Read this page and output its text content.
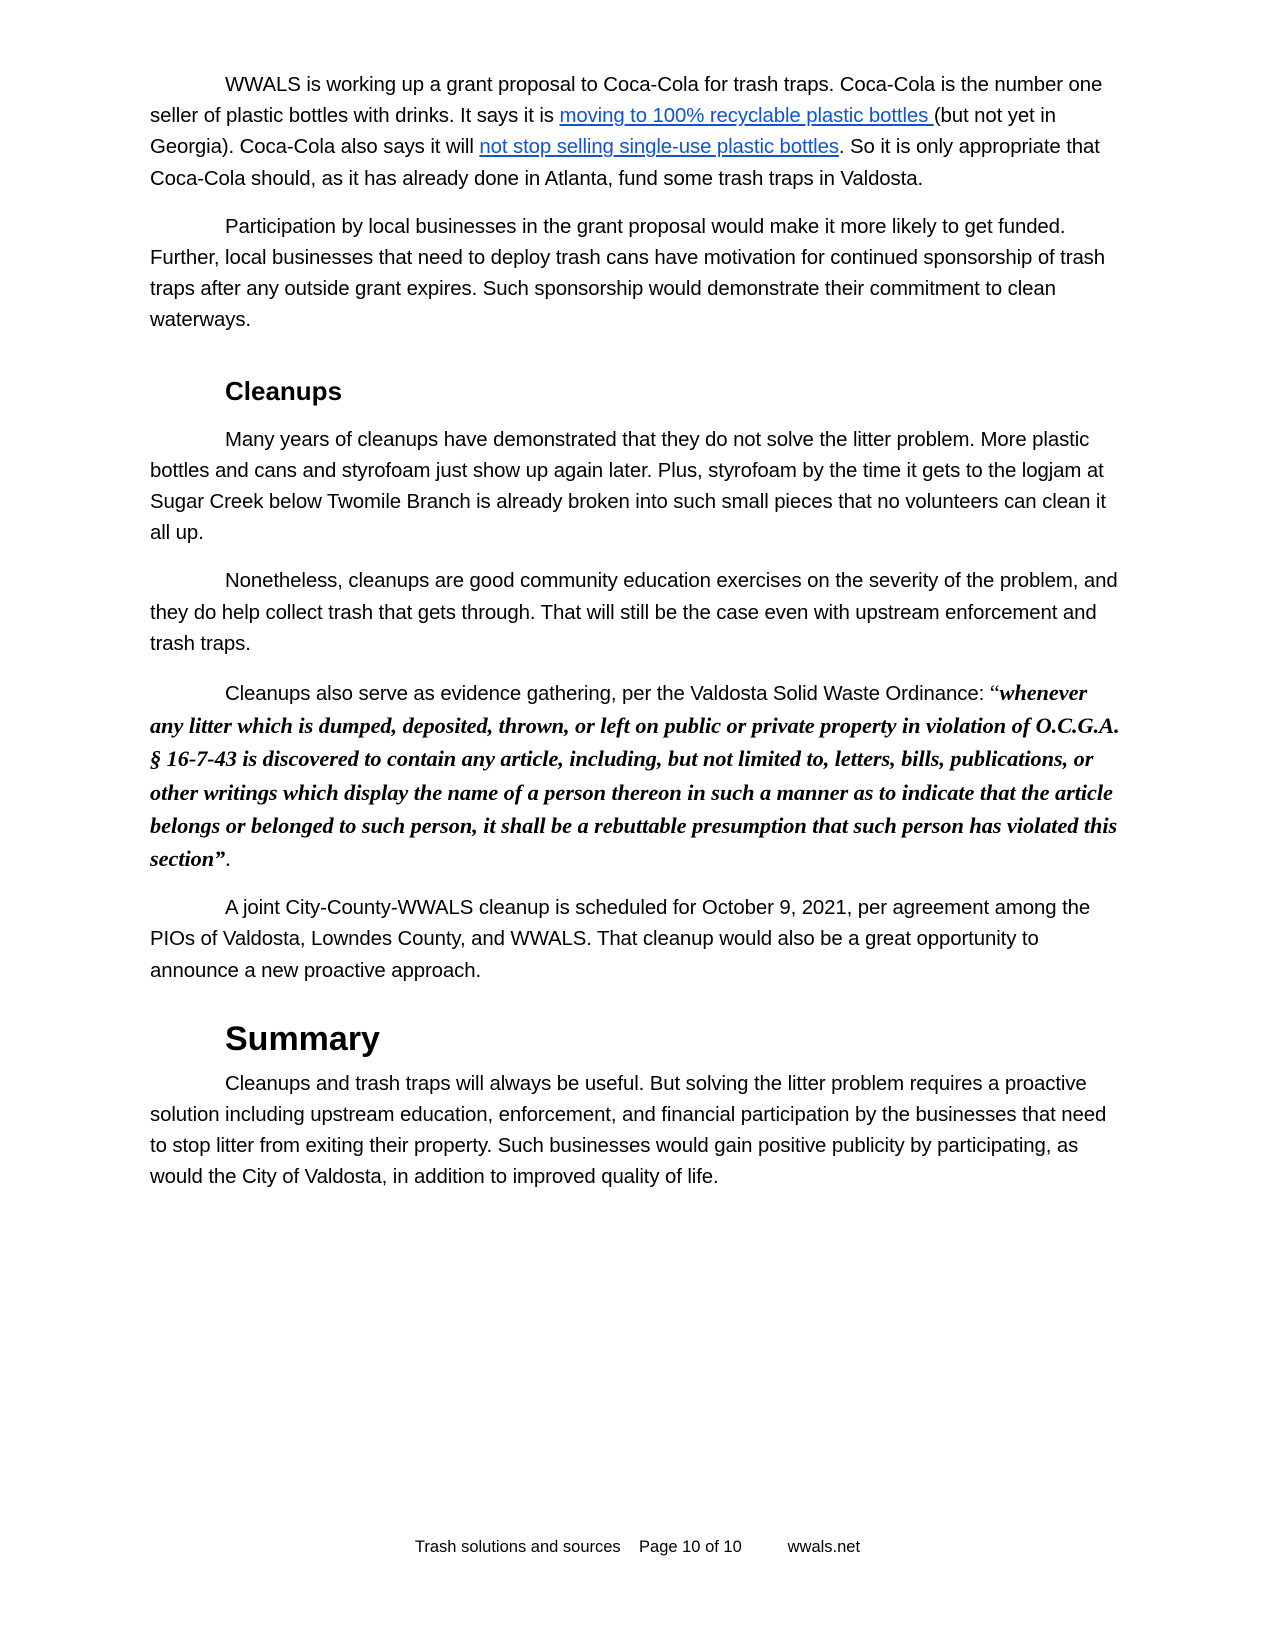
WWALS is working up a grant proposal to Coca-Cola for trash traps. Coca-Cola is the number one seller of plastic bottles with drinks. It says it is moving to 100% recyclable plastic bottles (but not yet in Georgia). Coca-Cola also says it will not stop selling single-use plastic bottles. So it is only appropriate that Coca-Cola should, as it has already done in Atlanta, fund some trash traps in Valdosta.

Participation by local businesses in the grant proposal would make it more likely to get funded. Further, local businesses that need to deploy trash cans have motivation for continued sponsorship of trash traps after any outside grant expires. Such sponsorship would demonstrate their commitment to clean waterways.

Cleanups

Many years of cleanups have demonstrated that they do not solve the litter problem. More plastic bottles and cans and styrofoam just show up again later. Plus, styrofoam by the time it gets to the logjam at Sugar Creek below Twomile Branch is already broken into such small pieces that no volunteers can clean it all up.

Nonetheless, cleanups are good community education exercises on the severity of the problem, and they do help collect trash that gets through. That will still be the case even with upstream enforcement and trash traps.

Cleanups also serve as evidence gathering, per the Valdosta Solid Waste Ordinance: “whenever any litter which is dumped, deposited, thrown, or left on public or private property in violation of O.C.G.A. § 16-7-43 is discovered to contain any article, including, but not limited to, letters, bills, publications, or other writings which display the name of a person thereon in such a manner as to indicate that the article belongs or belonged to such person, it shall be a rebuttable presumption that such person has violated this section”.

A joint City-County-WWALS cleanup is scheduled for October 9, 2021, per agreement among the PIOs of Valdosta, Lowndes County, and WWALS. That cleanup would also be a great opportunity to announce a new proactive approach.

Summary

Cleanups and trash traps will always be useful. But solving the litter problem requires a proactive solution including upstream education, enforcement, and financial participation by the businesses that need to stop litter from exiting their property. Such businesses would gain positive publicity by participating, as would the City of Valdosta, in addition to improved quality of life.

Trash solutions and sources Page 10 of 10	wwals.net
